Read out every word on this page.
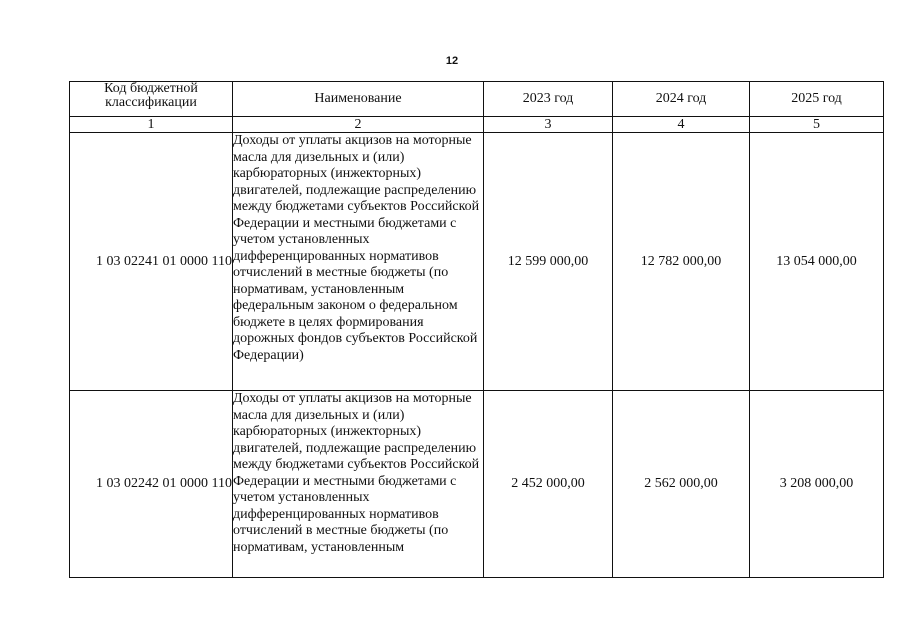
12
Код бюджетной классификации	Наименование	2023 год	2024 год	2025 год
1	2	3	4	5
1 03 02241 01 0000 110	Доходы от уплаты акцизов на моторные масла для дизельных и (или) карбюраторных (инжекторных) двигателей, подлежащие распределению между бюджетами субъектов Российской Федерации и местными бюджетами с учетом установленных дифференцированных нормативов отчислений в местные бюджеты (по нормативам, установленным федеральным законом о федеральном бюджете в целях формирования дорожных фондов субъектов Российской Федерации)	12 599 000,00	12 782 000,00	13 054 000,00
1 03 02242 01 0000 110	Доходы от уплаты акцизов на моторные масла для дизельных и (или) карбюраторных (инжекторных) двигателей, подлежащие распределению между бюджетами субъектов Российской Федерации и местными бюджетами с учетом установленных дифференцированных нормативов отчислений в местные бюджеты (по нормативам, установленным	2 452 000,00	2 562 000,00	3 208 000,00
